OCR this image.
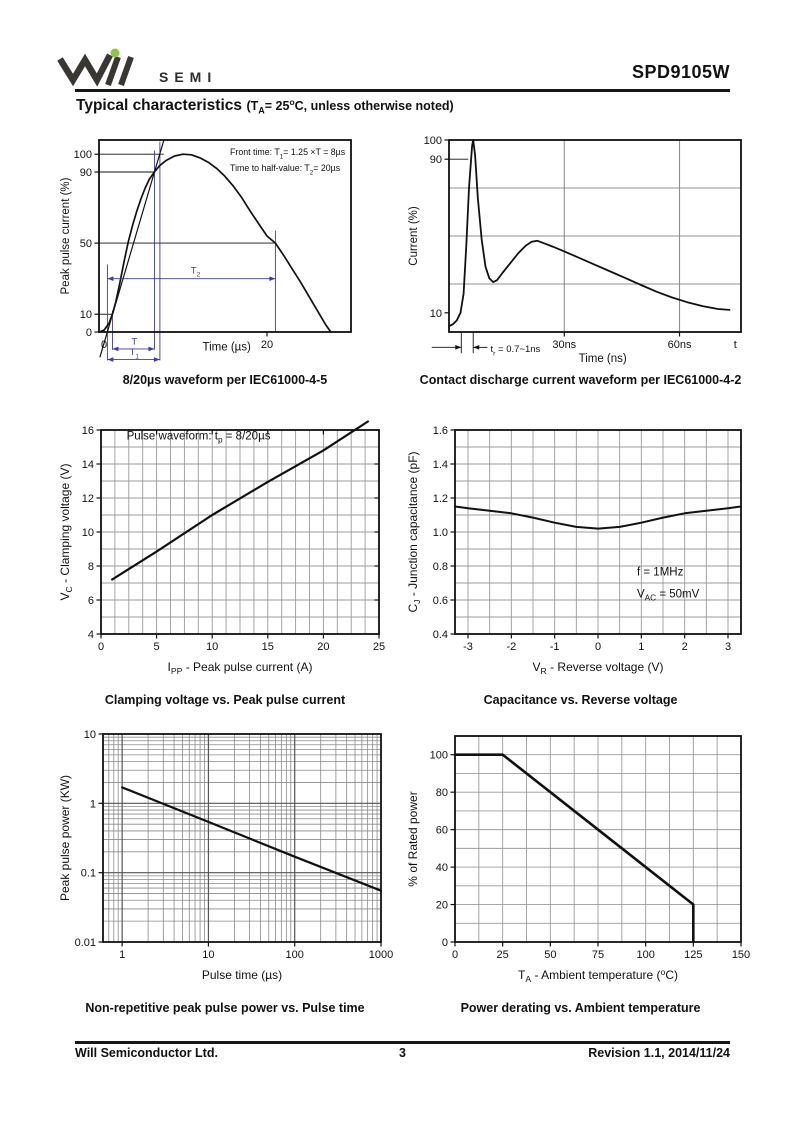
SEMI	SPD9105W
Typical characteristics ($T_A= 25^oC$, unless otherwise noted)
0	20
0
10
50
90
100
$T_2$
T
$T_1$
Front time: $T_1= 1.25 \times T = 8\mu s$
Time to half-value: $T_2= 20\mu s$
Time (µs)
Peak pulse current (%)
8/20µs waveform per IEC61000-4-5
30ns	60ns	t
100
90
10
$t_r$ = 0.7~1ns
Time (ns)
Current (%)
Contact discharge current waveform per IEC61000-4-2
0	5	10	15	20	25
4
6
8
10
12
14
16	Pulse waveform: $t_p = 8/20\mu s$
$I_{PP}$ - Peak pulse current (A)
$V_C$ - Clamping voltage (V)
Clamping voltage vs. Peak pulse current
-3	-2	-1	0	1	2	3
0.4
0.6
0.8
1.0
1.2
1.4
1.6
f = 1MHz
$V_{AC} = 50mV$
$V_R$ - Reverse voltage (V)
$C_J$ - Junction capacitance (pF)
Capacitance vs. Reverse voltage
1	10	100	1000
0.01
0.1
1
10
Pulse time (µs)
Peak pulse power (KW)
Non-repetitive peak pulse power vs. Pulse time
0	25	50	75	100	125	150
0
20
40
60
80
100
$T_A$ - Ambient temperature ($^o$C)
% of Rated power
Power derating vs. Ambient temperature
3
Will Semiconductor Ltd.	Revision 1.1, 2014/11/24
